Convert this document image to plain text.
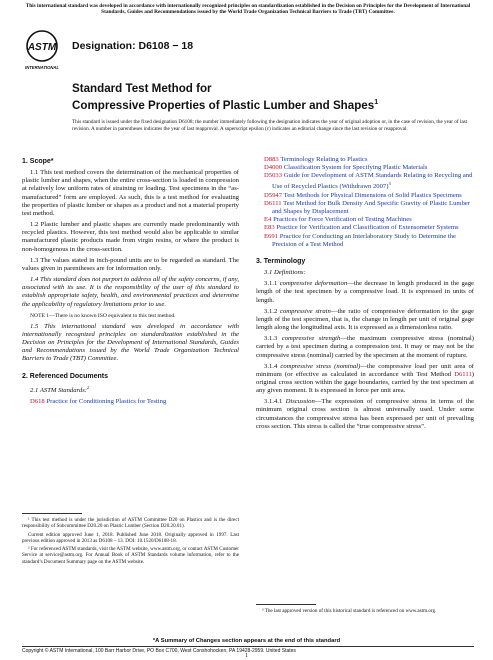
This international standard was developed in accordance with internationally recognized principles on standardization established in the Decision on Principles for the Development of International Standards, Guides and Recommendations issued by the World Trade Organization Technical Barriers to Trade (TBT) Committee.
ASTM
INTERNATIONAL
Designation: D6108 − 18
Standard Test Method for
Compressive Properties of Plastic Lumber and Shapes$^1$
This standard is issued under the fixed designation D6108; the number immediately following the designation indicates the year of original adoption or, in the case of revision, the year of last revision. A number in parentheses indicates the year of last reapproval. A superscript epsilon (ε) indicates an editorial change since the last revision or reapproval.
1. Scope*

1.1 This test method covers the determination of the mechanical properties of plastic lumber and shapes, when the entire cross-section is loaded in compression at relatively low uniform rates of straining or loading. Test specimens in the “as-manufactured” form are employed. As such, this is a test method for evaluating the properties of plastic lumber or shapes as a product and not a material property test method.

1.2 Plastic lumber and plastic shapes are currently made predominantly with recycled plastics. However, this test method would also be applicable to similar manufactured plastic products made from virgin resins, or where the product is non-homogenous in the cross-section.

1.3 The values stated in inch-pound units are to be regarded as standard. The values given in parentheses are for information only.

1.4 This standard does not purport to address all of the safety concerns, if any, associated with its use. It is the responsibility of the user of this standard to establish appropriate safety, health, and environmental practices and determine the applicability of regulatory limitations prior to use.

NOTE 1—There is no known ISO equivalent to this test method.

1.5 This international standard was developed in accordance with internationally recognized principles on standardization established in the Decision on Principles for the Development of International Standards, Guides and Recommendations issued by the World Trade Organization Technical Barriers to Trade (TBT) Committee.

2. Referenced Documents

2.1 ASTM Standards:$^2$

D618 Practice for Conditioning Plastics for Testing

¹ This test method is under the jurisdiction of ASTM Committee D20 on Plastics and is the direct responsibility of Subcommittee D20.20 on Plastic Lumber (Section D20.20.01).

Current edition approved June 1, 2018. Published June 2018. Originally approved in 1997. Last previous edition approved in 2013 as D6108 – 13. DOI: 10.1520/D6108-18.

² For referenced ASTM standards, visit the ASTM website, www.astm.org, or contact ASTM Customer Service at service@astm.org. For Annual Book of ASTM Standards volume information, refer to the standard’s Document Summary page on the ASTM website.

D883 Terminology Relating to Plastics

D4000 Classification System for Specifying Plastic Materials

D5033 Guide for Development of ASTM Standards Relating to Recycling and Use of Recycled Plastics (Withdrawn 2007)$^3$

D5947 Test Methods for Physical Dimensions of Solid Plastics Specimens

D6111 Test Method for Bulk Density And Specific Gravity of Plastic Lumber and Shapes by Displacement

E4 Practices for Force Verification of Testing Machines

E83 Practice for Verification and Classification of Extensometer Systems

E691 Practice for Conducting an Interlaboratory Study to Determine the Precision of a Test Method

3. Terminology

3.1 Definitions:

3.1.1 compressive deformation—the decrease in length produced in the gage length of the test specimen by a compressive load. It is expressed in units of length.

3.1.2 compressive strain—the ratio of compressive deformation to the gage length of the test specimen, that is, the change in length per unit of original gage length along the longitudinal axis. It is expressed as a dimensionless ratio.

3.1.3 compressive strength—the maximum compressive stress (nominal) carried by a test specimen during a compression test. It may or may not be the compressive stress (nominal) carried by the specimen at the moment of rupture.

3.1.4 compressive stress (nominal)—the compressive load per unit area of minimum (or effective as calculated in accordance with Test Method D6111) original cross section within the gage boundaries, carried by the test specimen at any given moment. It is expressed in force per unit area.

3.1.4.1 Discussion—The expression of compressive stress in terms of the minimum original cross section is almost universally used. Under some circumstances the compressive stress has been expressed per unit of prevailing cross section. This stress is called the “true compressive stress”.

³ The last approved version of this historical standard is referenced on www.astm.org.

*A Summary of Changes section appears at the end of this standard
Copyright © ASTM International, 100 Barr Harbor Drive, PO Box C700, West Conshohocken, PA 19428-2959. United States
1
